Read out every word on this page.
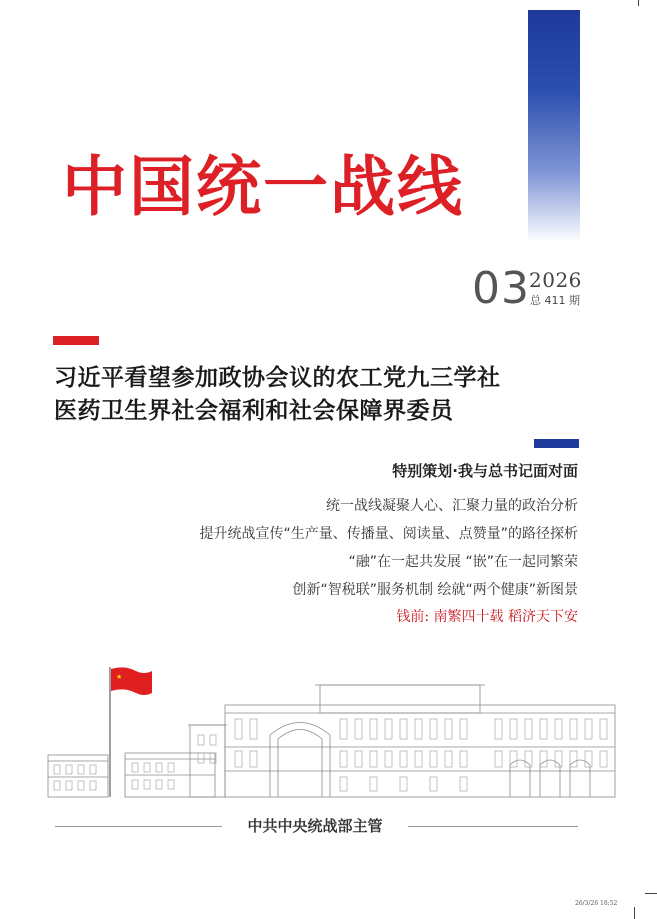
中国统一战线
03 2026
总 411 期
习近平看望参加政协会议的农工党九三学社
医药卫生界社会福利和社会保障界委员
特别策划·我与总书记面对面
统一战线凝聚人心、汇聚力量的政治分析
提升统战宣传“生产量、传播量、阅读量、点赞量”的路径探析
“融”在一起共发展 “嵌”在一起同繁荣
创新“智税联”服务机制 绘就“两个健康”新图景
钱前: 南繁四十载 稻济天下安
★
中共中央统战部主管
26/3/26 18:52
